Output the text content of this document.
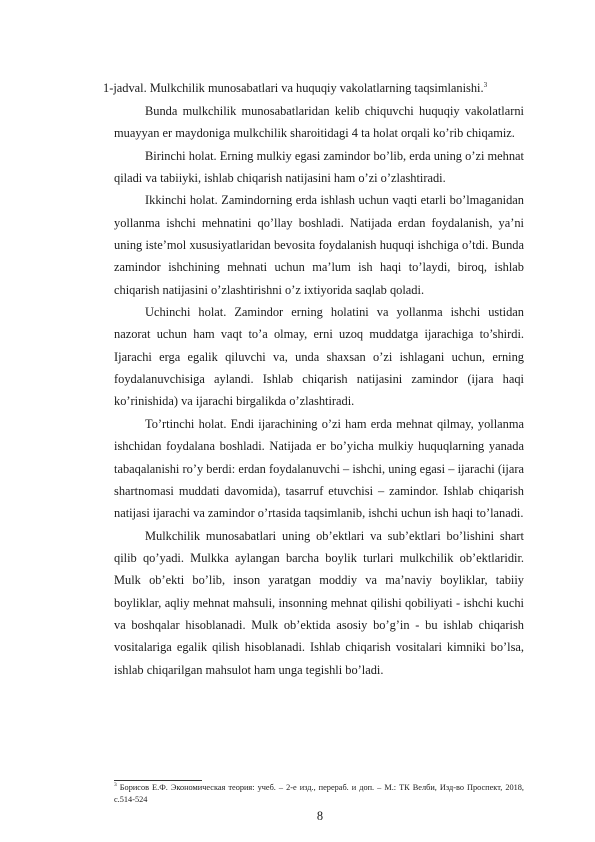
1-jadval. Mulkchilik munosabatlari va huquqiy vakolatlarning taqsimlanishi.$^3$

Bunda mulkchilik munosabatlaridan kelib chiquvchi huquqiy vakolatlarni muayyan er maydoniga mulkchilik sharoitidagi 4 ta holat orqali ko’rib chiqamiz.

Birinchi holat. Erning mulkiy egasi zamindor bo’lib, erda uning o’zi mehnat qiladi va tabiiyki, ishlab chiqarish natijasini ham o’zi o’zlashtiradi.

Ikkinchi holat. Zamindorning erda ishlash uchun vaqti etarli bo’lmaganidan yollanma ishchi mehnatini qo’llay boshladi. Natijada erdan foydalanish, ya’ni uning iste’mol xususiyatlaridan bevosita foydalanish huquqi ishchiga o’tdi. Bunda zamindor ishchining mehnati uchun ma’lum ish haqi to’laydi, biroq, ishlab chiqarish natijasini o’zlashtirishni o’z ixtiyorida saqlab qoladi.

Uchinchi holat. Zamindor erning holatini va yollanma ishchi ustidan nazorat uchun ham vaqt to’a olmay, erni uzoq muddatga ijarachiga to’shirdi. Ijarachi erga egalik qiluvchi va, unda shaxsan o’zi ishlagani uchun, erning foydalanuvchisiga aylandi. Ishlab chiqarish natijasini zamindor (ijara haqi ko’rinishida) va ijarachi birgalikda o’zlashtiradi.

To’rtinchi holat. Endi ijarachining o’zi ham erda mehnat qilmay, yollanma ishchidan foydalana boshladi. Natijada er bo’yicha mulkiy huquqlarning yanada tabaqalanishi ro’y berdi: erdan foydalanuvchi – ishchi, uning egasi – ijarachi (ijara shartnomasi muddati davomida), tasarruf etuvchisi – zamindor. Ishlab chiqarish natijasi ijarachi va zamindor o’rtasida taqsimlanib, ishchi uchun ish haqi to’lanadi.

Mulkchilik munosabatlari uning ob’ektlari va sub’ektlari bo’lishini shart qilib qo’yadi. Mulkka aylangan barcha boylik turlari mulkchilik ob’ektlaridir. Mulk ob’ekti bo’lib, inson yaratgan moddiy va ma’naviy boyliklar, tabiiy boyliklar, aqliy mehnat mahsuli, insonning mehnat qilishi qobiliyati - ishchi kuchi va boshqalar hisoblanadi. Mulk ob’ektida asosiy bo’g’in - bu ishlab chiqarish vositalariga egalik qilish hisoblanadi. Ishlab chiqarish vositalari kimniki bo’lsa, ishlab chiqarilgan mahsulot ham unga tegishli bo’ladi.

$^3$ Борисов Е.Ф. Экономическая теория: учеб. – 2-е изд., перераб. и доп. – М.: ТК Велби, Изд-во Проспект, 2018, с.514-524
8
